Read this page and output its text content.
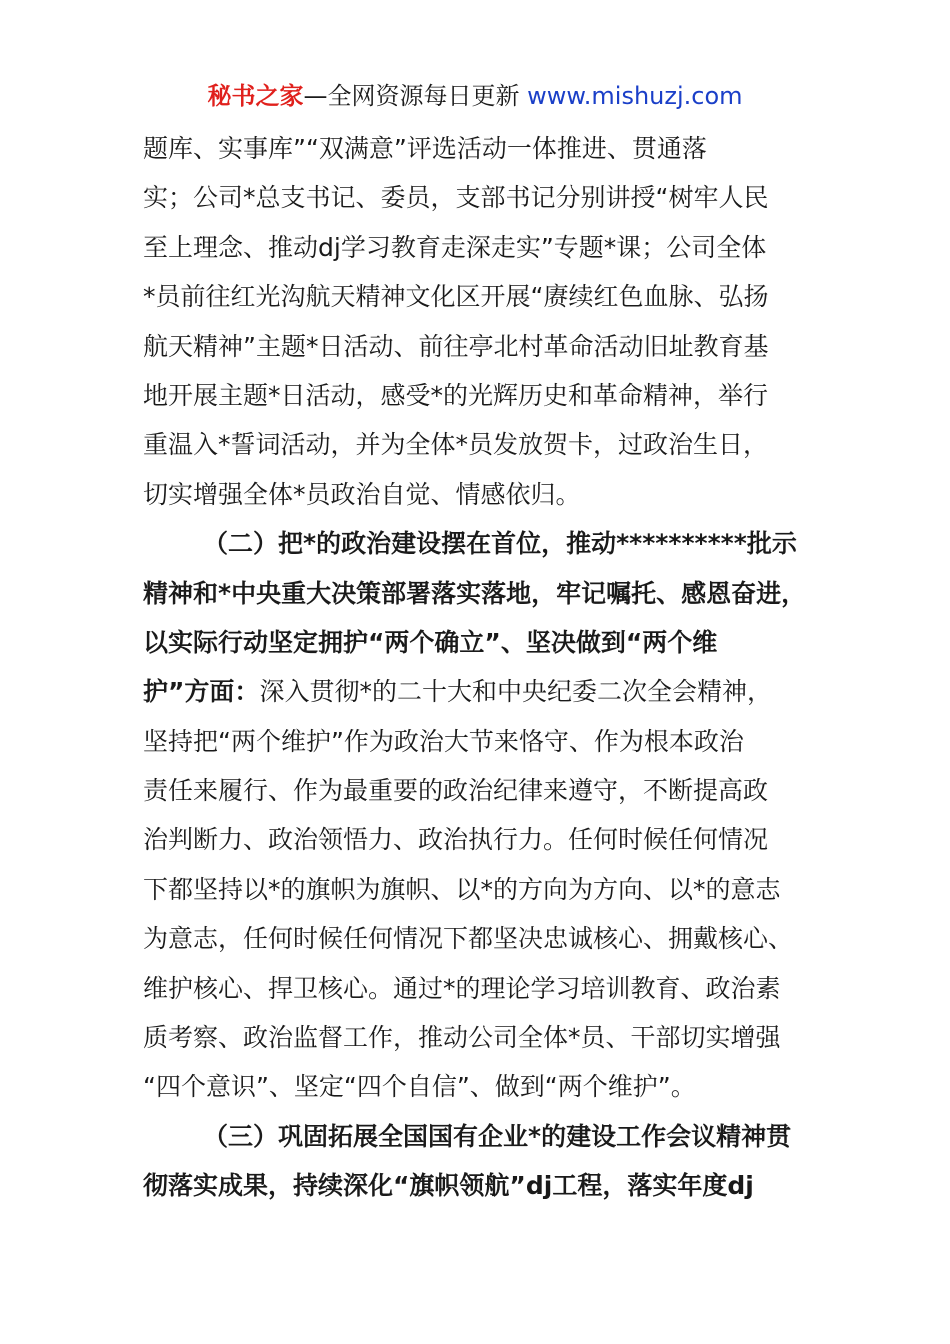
秘书之家—全网资源每日更新 www.mishuzj.com
题库、实事库”“双满意”评选活动一体推进、贯通落
实；公司*总支书记、委员，支部书记分别讲授“树牢人民
至上理念、推动dj学习教育走深走实”专题*课；公司全体
*员前往红光沟航天精神文化区开展“赓续红色血脉、弘扬
航天精神”主题*日活动、前往亭北村革命活动旧址教育基
地开展主题*日活动，感受*的光辉历史和革命精神，举行
重温入*誓词活动，并为全体*员发放贺卡，过政治生日，
切实增强全体*员政治自觉、情感依归。
（二）把*的政治建设摆在首位，推动**********批示
精神和*中央重大决策部署落实落地，牢记嘱托、感恩奋进，
以实际行动坚定拥护“两个确立”、坚决做到“两个维
护”方面：深入贯彻*的二十大和中央纪委二次全会精神，
坚持把“两个维护”作为政治大节来恪守、作为根本政治
责任来履行、作为最重要的政治纪律来遵守，不断提高政
治判断力、政治领悟力、政治执行力。任何时候任何情况
下都坚持以*的旗帜为旗帜、以*的方向为方向、以*的意志
为意志，任何时候任何情况下都坚决忠诚核心、拥戴核心、
维护核心、捍卫核心。通过*的理论学习培训教育、政治素
质考察、政治监督工作，推动公司全体*员、干部切实增强
“四个意识”、坚定“四个自信”、做到“两个维护”。
（三）巩固拓展全国国有企业*的建设工作会议精神贯
彻落实成果，持续深化“旗帜领航”dj工程，落实年度dj
